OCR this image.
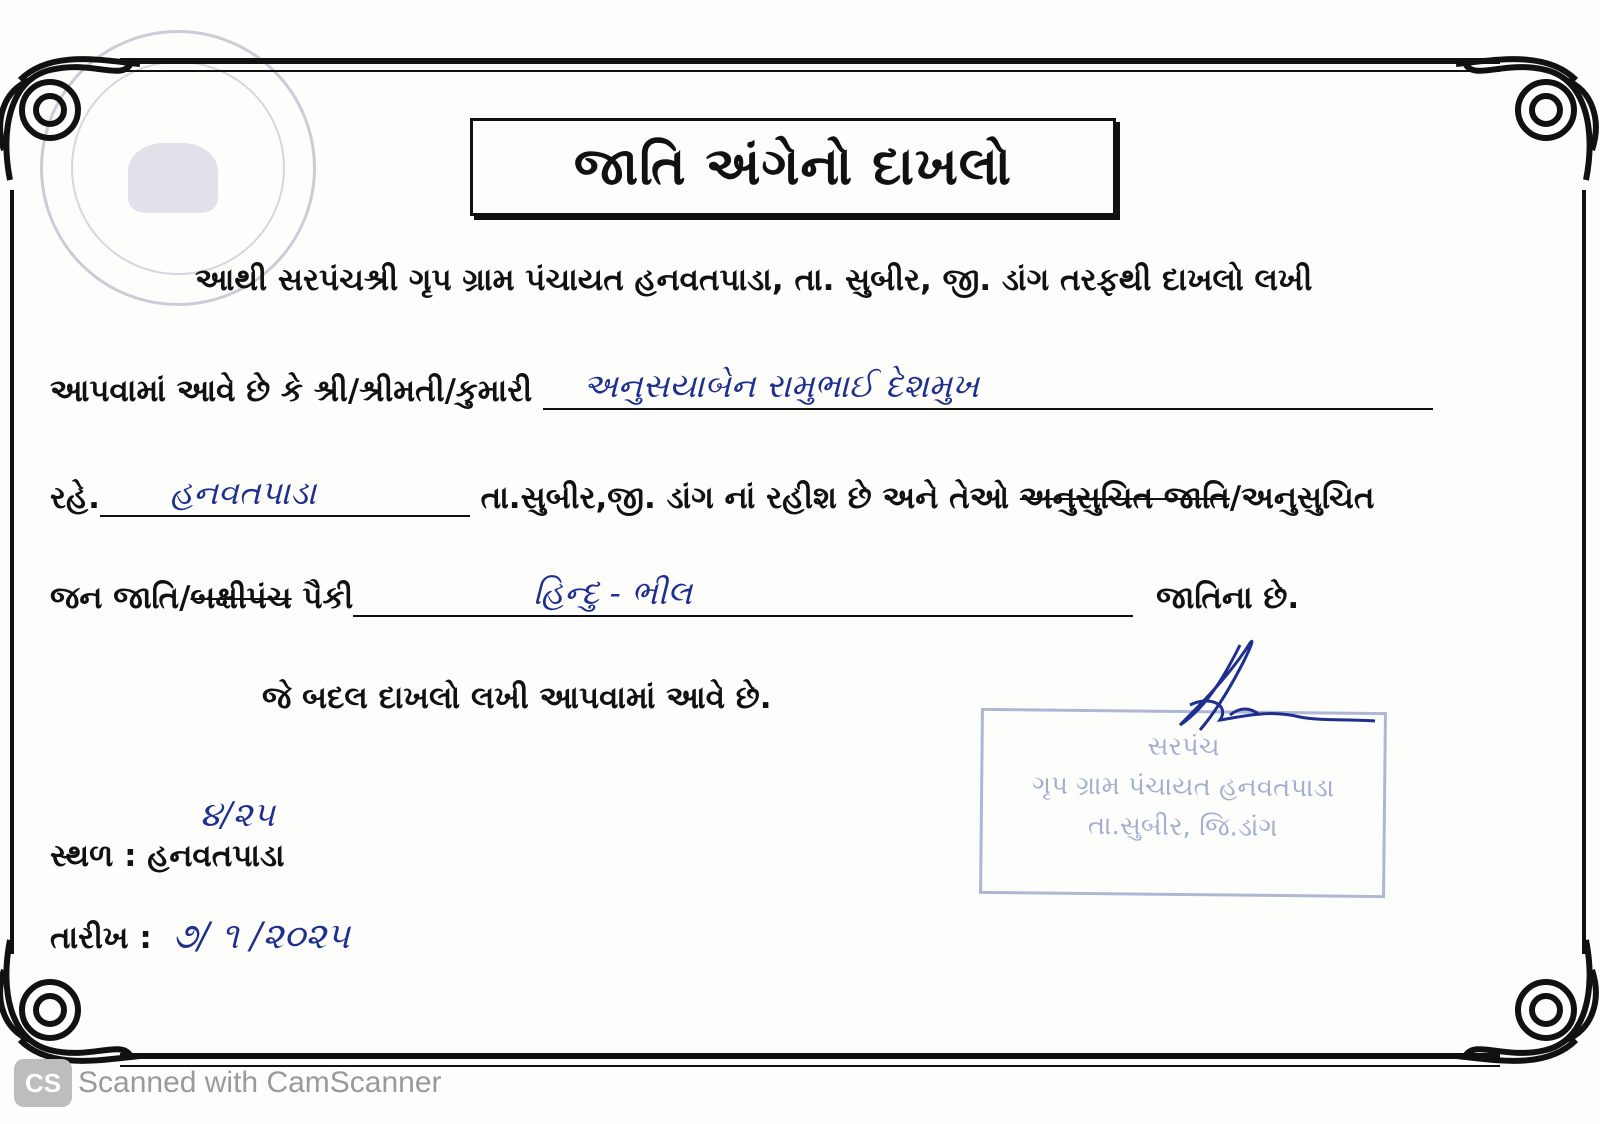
જાતિ અંગેનો દાખલો
આથી સરપંચશ્રી ગૃપ ગ્રામ પંચાયત હનવતપાડા, તા. સુબીર, જી. ડાંગ તરફથી દાખલો લખી
આપવામાં આવે છે કે શ્રી/શ્રીમતી/કુમારી અનુસયાબેન રામુભાઈ દેશમુખ
રહે. હનવતપાડા	તા.સુબીર,જી. ડાંગ નાં રહીશ છે અને તેઓ અનુસુચિત જાતિ/અનુસુચિત
જન જાતિ/બક્ષીપંચ પૈકી	હિન્દુ - ભીલ	જાતિના છે.
જે બદલ દાખલો લખી આપવામાં આવે છે.
૪/૨૫
સ્થળ : હનવતપાડા
તારીખ : ૭/ ૧ /૨૦૨૫
સરપંચ
ગૃપ ગ્રામ પંચાયત હનવતપાડા
તા.સુબીર, જિ.ડાંગ
CS Scanned with CamScanner
